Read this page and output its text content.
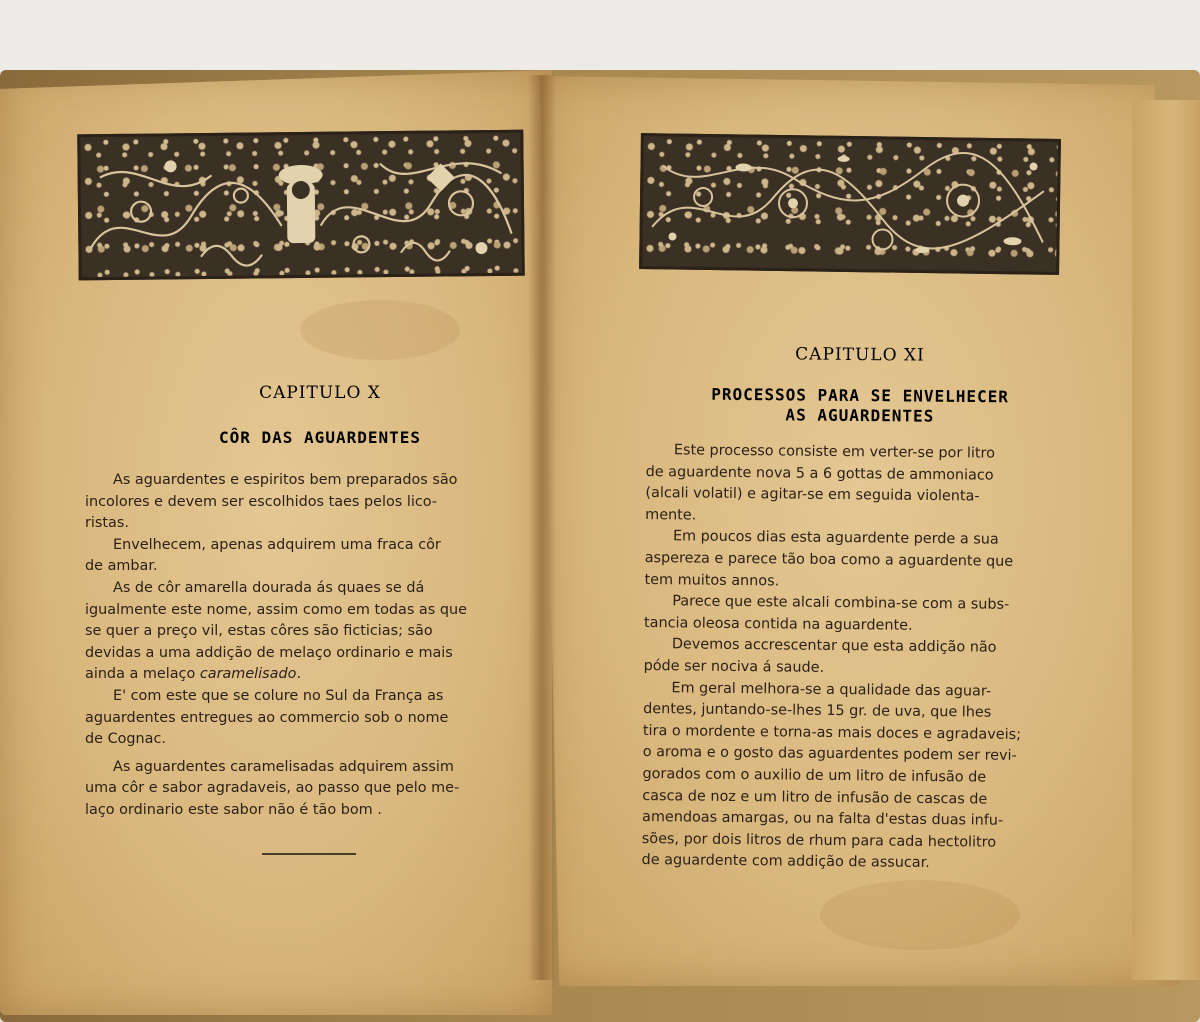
CAPITULO X
CÔR DAS AGUARDENTES
As aguardentes e espiritos bem preparados são
incolores e devem ser escolhidos taes pelos lico-
ristas.
Envelhecem, apenas adquirem uma fraca côr
de ambar.
As de côr amarella dourada ás quaes se dá
igualmente este nome, assim como em todas as que
se quer a preço vil, estas côres são ficticias; são
devidas a uma addição de melaço ordinario e mais
ainda a melaço caramelisado.
E' com este que se colure no Sul da França as
aguardentes entregues ao commercio sob o nome
de Cognac.
As aguardentes caramelisadas adquirem assim
uma côr e sabor agradaveis, ao passo que pelo me-
laço ordinario este sabor não é tão bom .
CAPITULO XI
PROCESSOS PARA SE ENVELHECER
AS AGUARDENTES
Este processo consiste em verter-se por litro
de aguardente nova 5 a 6 gottas de ammoniaco
(alcali volatil) e agitar-se em seguida violenta-
mente.
Em poucos dias esta aguardente perde a sua
aspereza e parece tão boa como a aguardente que
tem muitos annos.
Parece que este alcali combina-se com a subs-
tancia oleosa contida na aguardente.
Devemos accrescentar que esta addição não
póde ser nociva á saude.
Em geral melhora-se a qualidade das aguar-
dentes, juntando-se-lhes 15 gr. de uva, que lhes
tira o mordente e torna-as mais doces e agradaveis;
o aroma e o gosto das aguardentes podem ser revi-
gorados com o auxilio de um litro de infusão de
casca de noz e um litro de infusão de cascas de
amendoas amargas, ou na falta d'estas duas infu-
sões, por dois litros de rhum para cada hectolitro
de aguardente com addição de assucar.
